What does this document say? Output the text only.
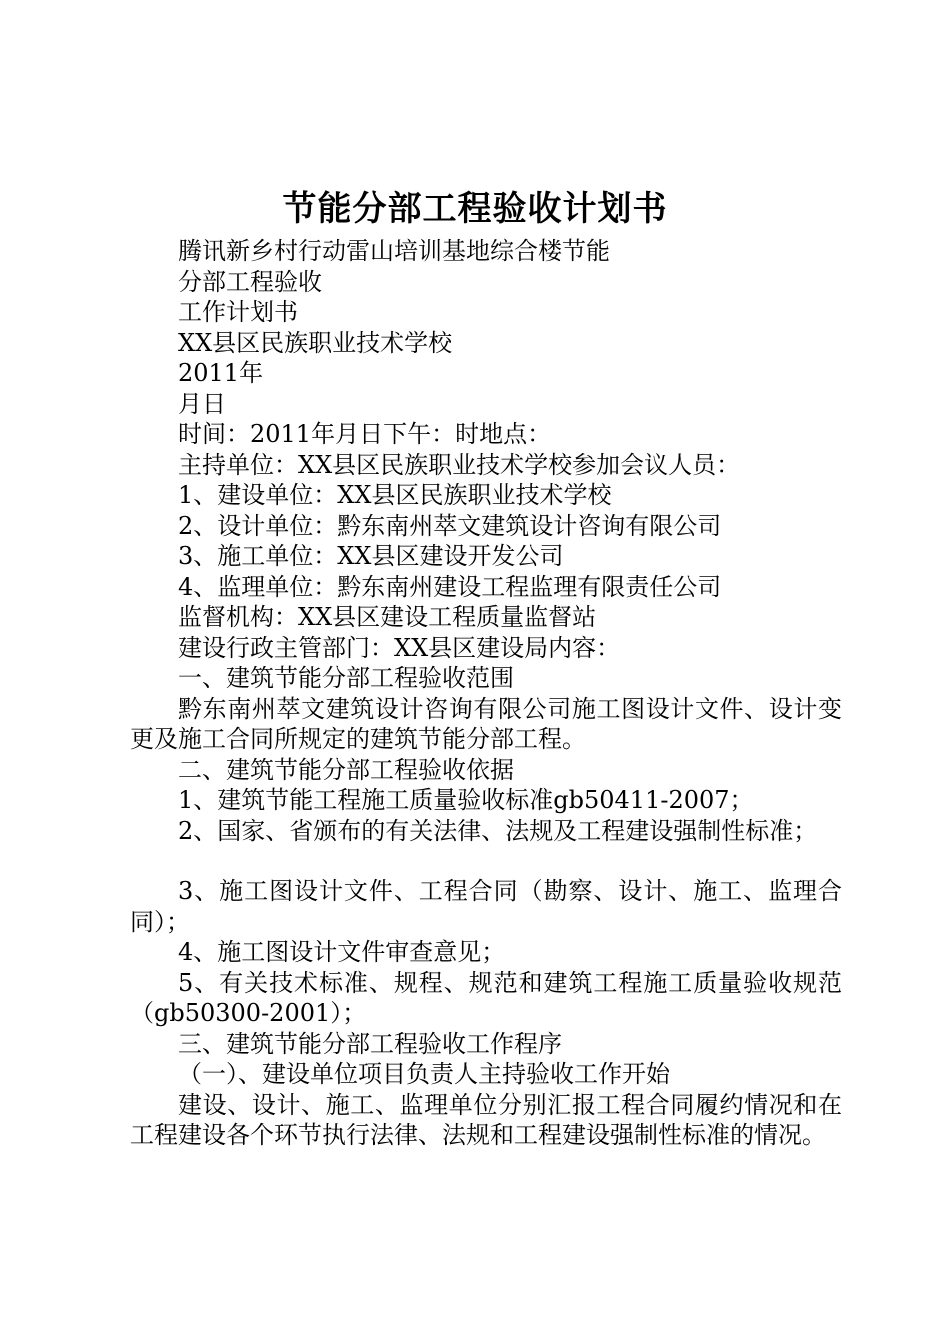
节能分部工程验收计划书

腾讯新乡村行动雷山培训基地综合楼节能

分部工程验收

工作计划书

XX县区民族职业技术学校

2011年

月日

时间：2011年月日下午：时地点：

主持单位：XX县区民族职业技术学校参加会议人员：

1、建设单位：XX县区民族职业技术学校

2、设计单位：黔东南州萃文建筑设计咨询有限公司

3、施工单位：XX县区建设开发公司

4、监理单位：黔东南州建设工程监理有限责任公司

监督机构：XX县区建设工程质量监督站

建设行政主管部门：XX县区建设局内容：

一、建筑节能分部工程验收范围

黔东南州萃文建筑设计咨询有限公司施工图设计文件、设计变更及施工合同所规定的建筑节能分部工程。

二、建筑节能分部工程验收依据

1、建筑节能工程施工质量验收标准gb50411-2007；

2、国家、省颁布的有关法律、法规及工程建设强制性标准；

3、施工图设计文件、工程合同（勘察、设计、施工、监理合同）；

4、施工图设计文件审查意见；

5、有关技术标准、规程、规范和建筑工程施工质量验收规范（gb50300-2001）；

三、建筑节能分部工程验收工作程序

（一）、建设单位项目负责人主持验收工作开始

建设、设计、施工、监理单位分别汇报工程合同履约情况和在工程建设各个环节执行法律、法规和工程建设强制性标准的情况。
